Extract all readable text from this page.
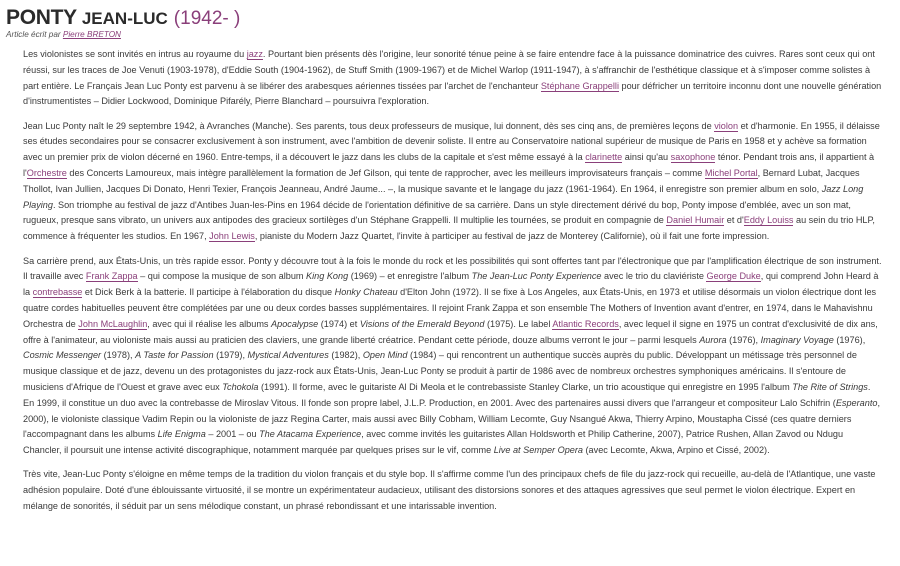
PONTY JEAN-LUC (1942- )
Article écrit par Pierre BRETON

Les violonistes se sont invités en intrus au royaume du jazz. Pourtant bien présents dès l'origine, leur sonorité ténue peine à se faire entendre face à la puissance dominatrice des cuivres. Rares sont ceux qui ont réussi, sur les traces de Joe Venuti (1903-1978), d'Eddie South (1904-1962), de Stuff Smith (1909-1967) et de Michel Warlop (1911-1947), à s'affranchir de l'esthétique classique et à s'imposer comme solistes à part entière. Le Français Jean Luc Ponty est parvenu à se libérer des arabesques aériennes tissées par l'archet de l'enchanteur Stéphane Grappelli pour défricher un territoire inconnu dont une nouvelle génération d'instrumentistes – Didier Lockwood, Dominique Pifarély, Pierre Blanchard – poursuivra l'exploration.

Jean Luc Ponty naît le 29 septembre 1942, à Avranches (Manche). Ses parents, tous deux professeurs de musique, lui donnent, dès ses cinq ans, de premières leçons de violon et d'harmonie. En 1955, il délaisse ses études secondaires pour se consacrer exclusivement à son instrument, avec l'ambition de devenir soliste. Il entre au Conservatoire national supérieur de musique de Paris en 1958 et y achève sa formation avec un premier prix de violon décerné en 1960. Entre-temps, il a découvert le jazz dans les clubs de la capitale et s'est même essayé à la clarinette ainsi qu'au saxophone ténor. Pendant trois ans, il appartient à l'Orchestre des Concerts Lamoureux, mais intègre parallèlement la formation de Jef Gilson, qui tente de rapprocher, avec les meilleurs improvisateurs français – comme Michel Portal, Bernard Lubat, Jacques Thollot, Ivan Jullien, Jacques Di Donato, Henri Texier, François Jeanneau, André Jaume... –, la musique savante et le langage du jazz (1961-1964). En 1964, il enregistre son premier album en solo, Jazz Long Playing. Son triomphe au festival de jazz d'Antibes Juan-les-Pins en 1964 décide de l'orientation définitive de sa carrière. Dans un style directement dérivé du bop, Ponty impose d'emblée, avec un son mat, rugueux, presque sans vibrato, un univers aux antipodes des gracieux sortilèges d'un Stéphane Grappelli. Il multiplie les tournées, se produit en compagnie de Daniel Humair et d'Eddy Louiss au sein du trio HLP, commence à fréquenter les studios. En 1967, John Lewis, pianiste du Modern Jazz Quartet, l'invite à participer au festival de jazz de Monterey (Californie), où il fait une forte impression.

Sa carrière prend, aux États-Unis, un très rapide essor. Ponty y découvre tout à la fois le monde du rock et les possibilités qui sont offertes tant par l'électronique que par l'amplification électrique de son instrument. Il travaille avec Frank Zappa – qui compose la musique de son album King Kong (1969) – et enregistre l'album The Jean-Luc Ponty Experience avec le trio du claviériste George Duke, qui comprend John Heard à la contrebasse et Dick Berk à la batterie. Il participe à l'élaboration du disque Honky Chateau d'Elton John (1972). Il se fixe à Los Angeles, aux États-Unis, en 1973 et utilise désormais un violon électrique dont les quatre cordes habituelles peuvent être complétées par une ou deux cordes basses supplémentaires. Il rejoint Frank Zappa et son ensemble The Mothers of Invention avant d'entrer, en 1974, dans le Mahavishnu Orchestra de John McLaughlin, avec qui il réalise les albums Apocalypse (1974) et Visions of the Emerald Beyond (1975). Le label Atlantic Records, avec lequel il signe en 1975 un contrat d'exclusivité de dix ans, offre à l'animateur, au violoniste mais aussi au praticien des claviers, une grande liberté créatrice. Pendant cette période, douze albums verront le jour – parmi lesquels Aurora (1976), Imaginary Voyage (1976), Cosmic Messenger (1978), A Taste for Passion (1979), Mystical Adventures (1982), Open Mind (1984) – qui rencontrent un authentique succès auprès du public. Développant un métissage très personnel de musique classique et de jazz, devenu un des protagonistes du jazz-rock aux États-Unis, Jean-Luc Ponty se produit à partir de 1986 avec de nombreux orchestres symphoniques américains. Il s'entoure de musiciens d'Afrique de l'Ouest et grave avec eux Tchokola (1991). Il forme, avec le guitariste Al Di Meola et le contrebassiste Stanley Clarke, un trio acoustique qui enregistre en 1995 l'album The Rite of Strings. En 1999, il constitue un duo avec la contrebasse de Miroslav Vitous. Il fonde son propre label, J.L.P. Production, en 2001. Avec des partenaires aussi divers que l'arrangeur et compositeur Lalo Schifrin (Esperanto, 2000), le violoniste classique Vadim Repin ou la violoniste de jazz Regina Carter, mais aussi avec Billy Cobham, William Lecomte, Guy Nsangué Akwa, Thierry Arpino, Moustapha Cissé (ces quatre derniers l'accompagnant dans les albums Life Enigma – 2001 – ou The Atacama Experience, avec comme invités les guitaristes Allan Holdsworth et Philip Catherine, 2007), Patrice Rushen, Allan Zavod ou Ndugu Chancler, il poursuit une intense activité discographique, notamment marquée par quelques prises sur le vif, comme Live at Semper Opera (avec Lecomte, Akwa, Arpino et Cissé, 2002).

Très vite, Jean-Luc Ponty s'éloigne en même temps de la tradition du violon français et du style bop. Il s'affirme comme l'un des principaux chefs de file du jazz-rock qui recueille, au-delà de l'Atlantique, une vaste adhésion populaire. Doté d'une éblouissante virtuosité, il se montre un expérimentateur audacieux, utilisant des distorsions sonores et des attaques agressives que seul permet le violon électrique. Expert en mélange de sonorités, il séduit par un sens mélodique constant, un phrasé rebondissant et une intarissable invention.
